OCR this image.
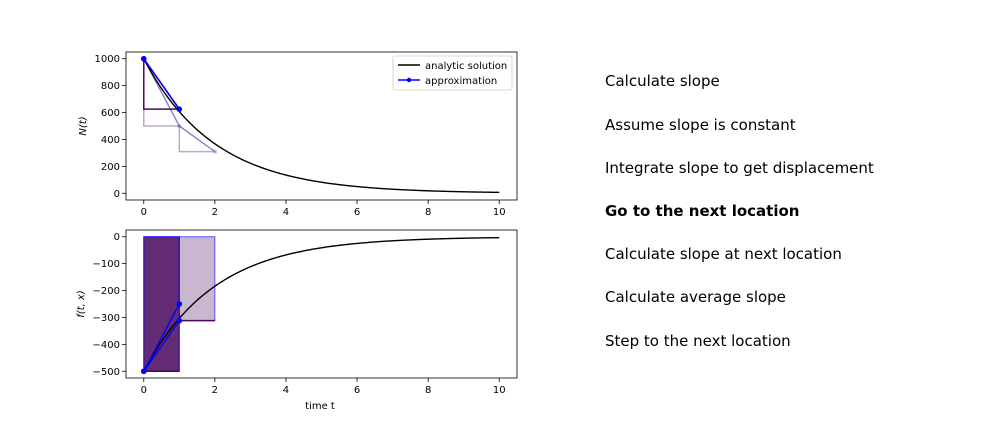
0	2	4	6	8	10
0
200
400
600
800
1000
N(t)
analytic solution
approximation
0	2	4	6	8	10
0
−100
−200
−300
−400
−500
f(t, x)
time t
Calculate slope
Assume slope is constant
Integrate slope to get displacement
Go to the next location
Calculate slope at next location
Calculate average slope
Step to the next location
